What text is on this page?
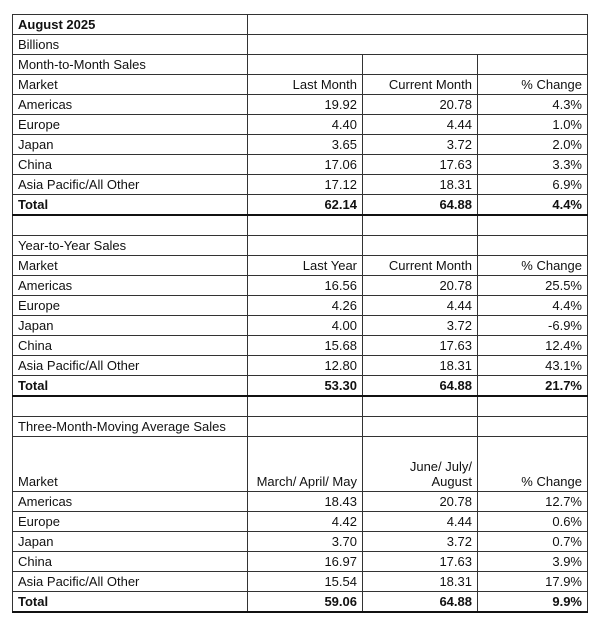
August 2025			
Billions			
Month-to-Month Sales			
Market	Last Month	Current Month	% Change
Americas	19.92	20.78	4.3%
Europe	4.40	4.44	1.0%
Japan	3.65	3.72	2.0%
China	17.06	17.63	3.3%
Asia Pacific/All Other	17.12	18.31	6.9%
Total	62.14	64.88	4.4%

Year-to-Year Sales			
Market	Last Year	Current Month	% Change
Americas	16.56	20.78	25.5%
Europe	4.26	4.44	4.4%
Japan	4.00	3.72	-6.9%
China	15.68	17.63	12.4%
Asia Pacific/All Other	12.80	18.31	43.1%
Total	53.30	64.88	21.7%

Three-Month-Moving Average Sales			
Market	March/ April/ May	June/ July/ August	% Change
Americas	18.43	20.78	12.7%
Europe	4.42	4.44	0.6%
Japan	3.70	3.72	0.7%
China	16.97	17.63	3.9%
Asia Pacific/All Other	15.54	18.31	17.9%
Total	59.06	64.88	9.9%
